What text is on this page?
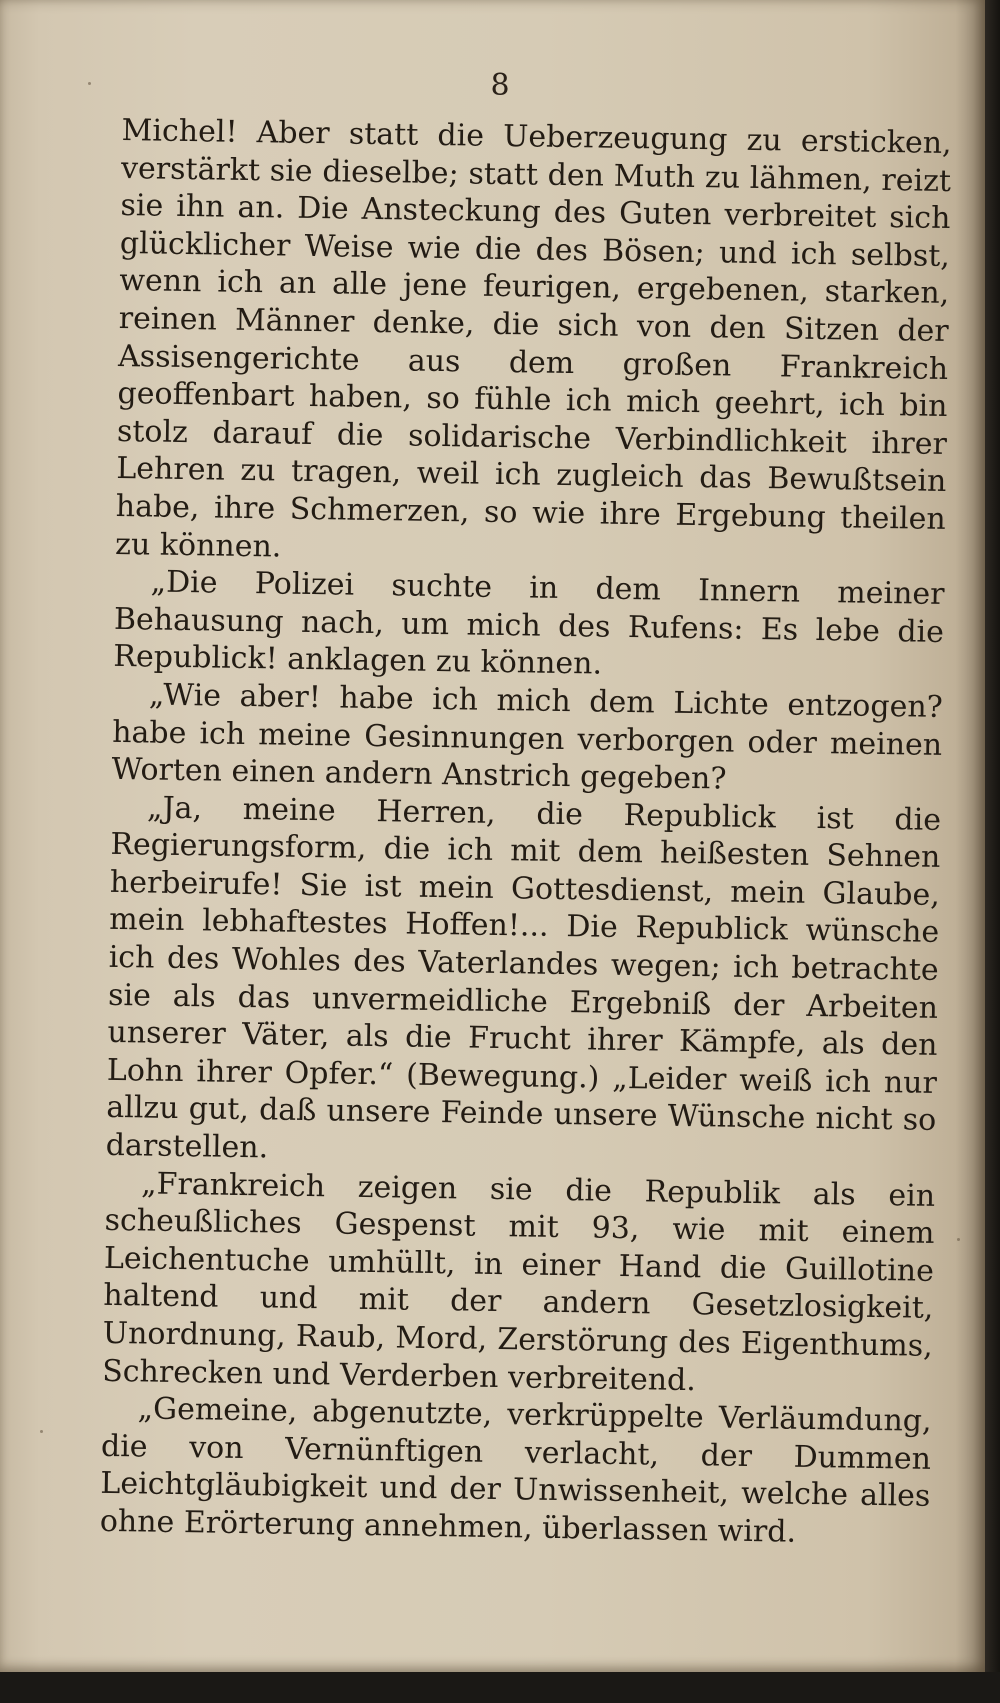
8

Michel! Aber statt die Ueberzeugung zu ersticken, verstärkt sie dieselbe; statt den Muth zu lähmen, reizt sie ihn an. Die Ansteckung des Guten verbreitet sich glücklicher Weise wie die des Bösen; und ich selbst, wenn ich an alle jene feurigen, ergebenen, starken, reinen Männer denke, die sich von den Sitzen der Assisengerichte aus dem großen Frankreich geoffenbart haben, so fühle ich mich geehrt, ich bin stolz darauf die solidarische Verbindlichkeit ihrer Lehren zu tragen, weil ich zugleich das Bewußtsein habe, ihre Schmerzen, so wie ihre Ergebung theilen zu können.

„Die Polizei suchte in dem Innern meiner Behausung nach, um mich des Rufens: Es lebe die Republick! anklagen zu können.

„Wie aber! habe ich mich dem Lichte entzogen? habe ich meine Gesinnungen verborgen oder meinen Worten einen andern Anstrich gegeben?

„Ja, meine Herren, die Republick ist die Regierungsform, die ich mit dem heißesten Sehnen herbeirufe! Sie ist mein Gottesdienst, mein Glaube, mein lebhaftestes Hoffen!... Die Republick wünsche ich des Wohles des Vaterlandes wegen; ich betrachte sie als das unvermeidliche Ergebniß der Arbeiten unserer Väter, als die Frucht ihrer Kämpfe, als den Lohn ihrer Opfer.“ (Bewegung.) „Leider weiß ich nur allzu gut, daß unsere Feinde unsere Wünsche nicht so darstellen.

„Frankreich zeigen sie die Republik als ein scheußliches Gespenst mit 93, wie mit einem Leichentuche umhüllt, in einer Hand die Guillotine haltend und mit der andern Gesetzlosigkeit, Unordnung, Raub, Mord, Zerstörung des Eigenthums, Schrecken und Verderben verbreitend.

„Gemeine, abgenutzte, verkrüppelte Verläumdung, die von Vernünftigen verlacht, der Dummen Leichtgläubigkeit und der Unwissenheit, welche alles ohne Erörterung annehmen, überlassen wird.
